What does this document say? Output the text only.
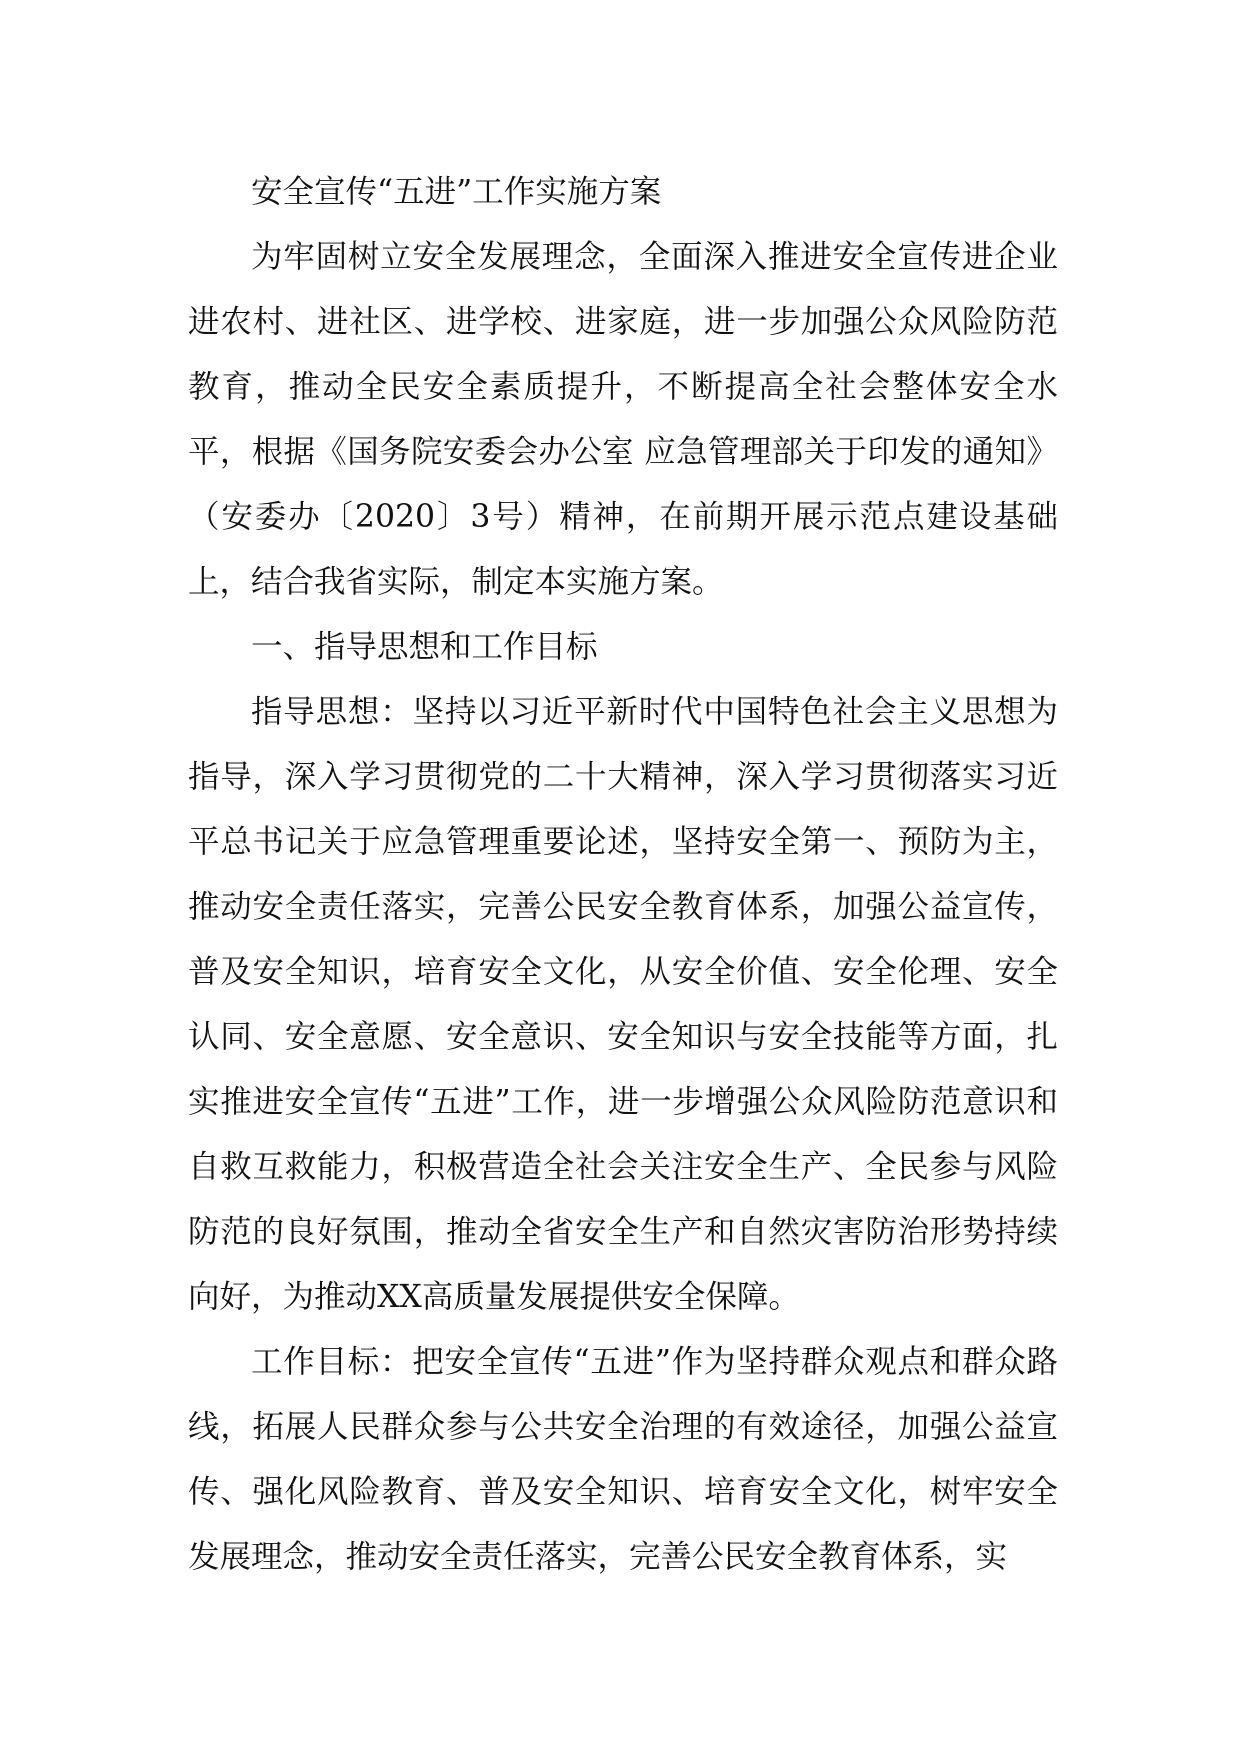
安全宣传“五进”工作实施方案

为牢固树立安全发展理念，全面深入推进安全宣传进企业进农村、进社区、进学校、进家庭，进一步加强公众风险防范教育，推动全民安全素质提升，不断提高全社会整体安全水平，根据《国务院安委会办公室 应急管理部关于印发的通知》（安委办〔2020〕3号）精神，在前期开展示范点建设基础上，结合我省实际，制定本实施方案。

一、指导思想和工作目标

指导思想：坚持以习近平新时代中国特色社会主义思想为指导，深入学习贯彻党的二十大精神，深入学习贯彻落实习近平总书记关于应急管理重要论述，坚持安全第一、预防为主，推动安全责任落实，完善公民安全教育体系，加强公益宣传，普及安全知识，培育安全文化，从安全价值、安全伦理、安全认同、安全意愿、安全意识、安全知识与安全技能等方面，扎实推进安全宣传“五进”工作，进一步增强公众风险防范意识和自救互救能力，积极营造全社会关注安全生产、全民参与风险防范的良好氛围，推动全省安全生产和自然灾害防治形势持续向好，为推动XX高质量发展提供安全保障。

工作目标：把安全宣传“五进”作为坚持群众观点和群众路线，拓展人民群众参与公共安全治理的有效途径，加强公益宣传、强化风险教育、普及安全知识、培育安全文化，树牢安全发展理念，推动安全责任落实，完善公民安全教育体系，实
